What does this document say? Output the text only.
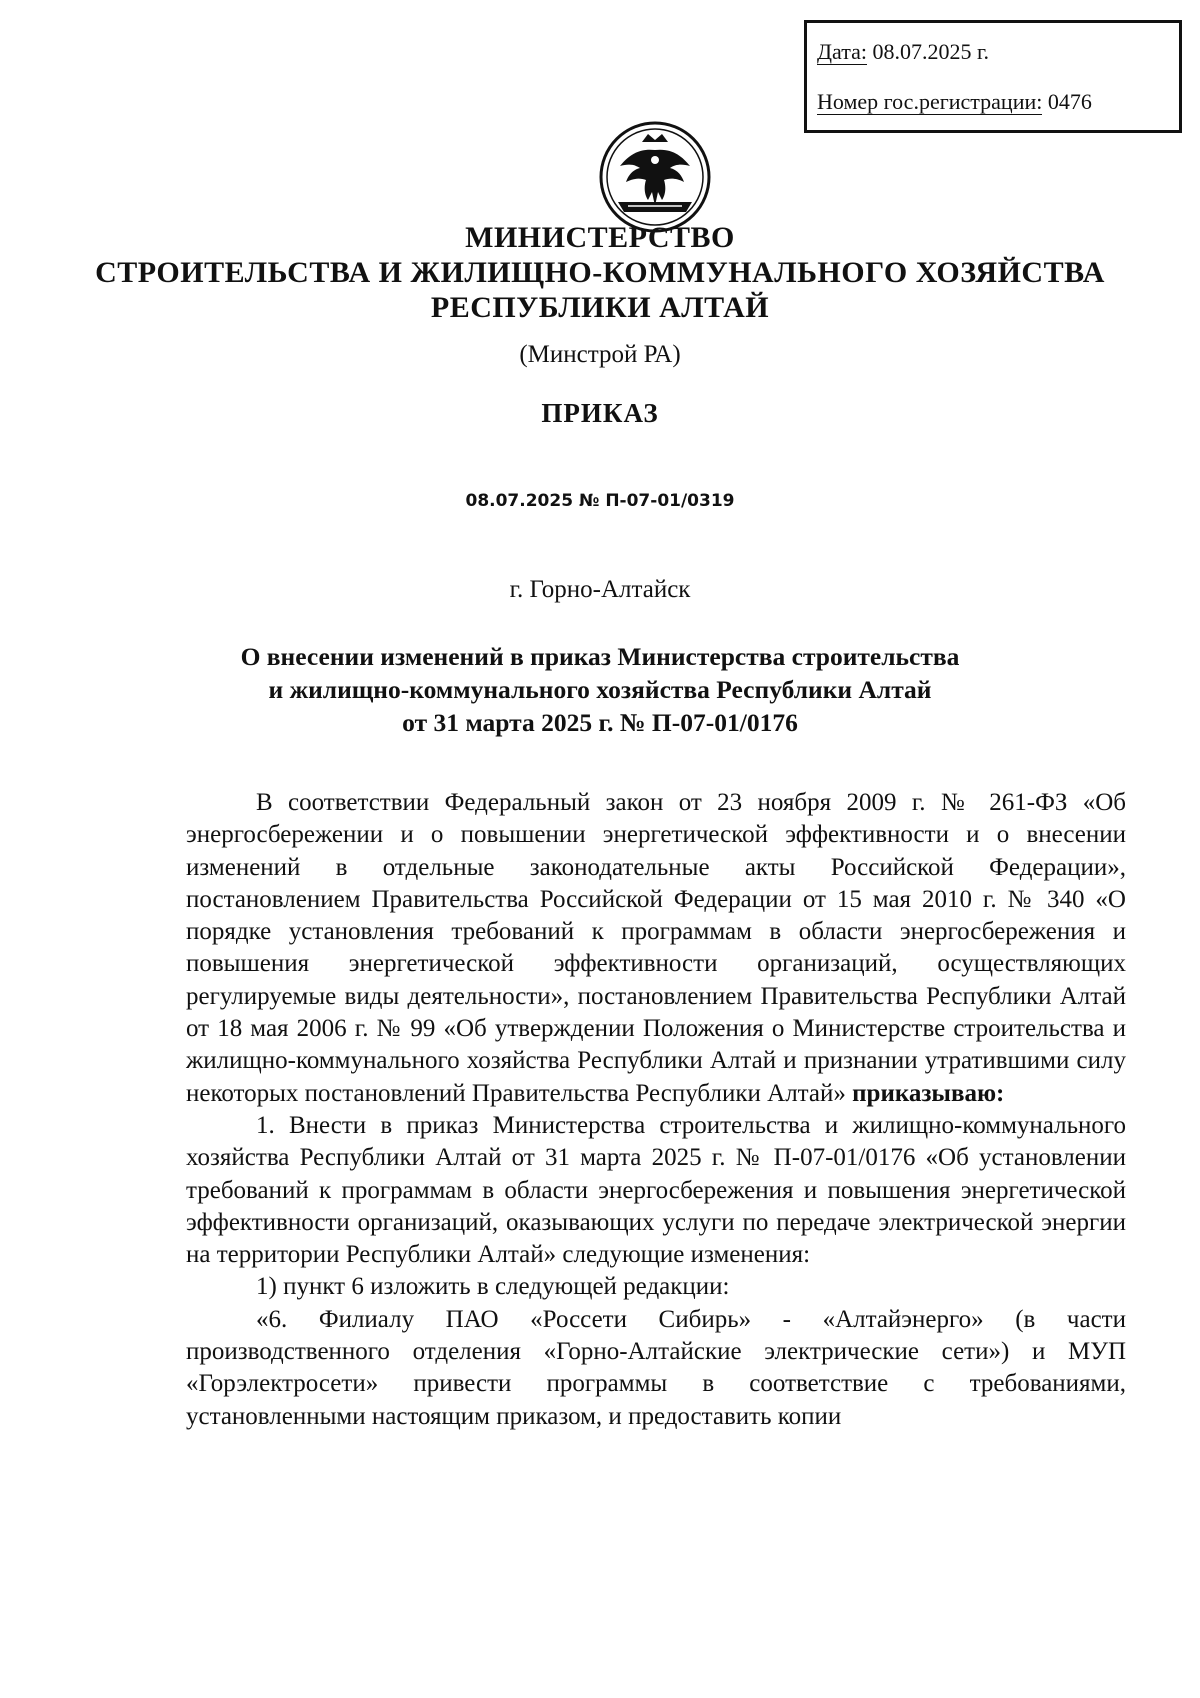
Дата: 08.07.2025 г.
Номер гос.регистрации: 0476
МИНИСТЕРСТВО
СТРОИТЕЛЬСТВА И ЖИЛИЩНО-КОММУНАЛЬНОГО ХОЗЯЙСТВА
РЕСПУБЛИКИ АЛТАЙ
(Минстрой РА)
ПРИКАЗ
08.07.2025 № П-07-01/0319
г. Горно-Алтайск
О внесении изменений в приказ Министерства строительства
и жилищно-коммунального хозяйства Республики Алтай
от 31 марта 2025 г. № П-07-01/0176

В соответствии Федеральный закон от 23 ноября 2009 г. № 261-ФЗ «Об энергосбережении и о повышении энергетической эффективности и о внесении изменений в отдельные законодательные акты Российской Федерации», постановлением Правительства Российской Федерации от 15 мая 2010 г. № 340 «О порядке установления требований к программам в области энергосбережения и повышения энергетической эффективности организаций, осуществляющих регулируемые виды деятельности», постановлением Правительства Республики Алтай от 18 мая 2006 г. № 99 «Об утверждении Положения о Министерстве строительства и жилищно-коммунального хозяйства Республики Алтай и признании утратившими силу некоторых постановлений Правительства Республики Алтай» приказываю:

1. Внести в приказ Министерства строительства и жилищно-коммунального хозяйства Республики Алтай от 31 марта 2025 г. № П-07-01/0176 «Об установлении требований к программам в области энергосбережения и повышения энергетической эффективности организаций, оказывающих услуги по передаче электрической энергии на территории Республики Алтай» следующие изменения:

1) пункт 6 изложить в следующей редакции:

«6. Филиалу ПАО «Россети Сибирь» - «Алтайэнерго» (в части производственного отделения «Горно-Алтайские электрические сети») и МУП «Горэлектросети» привести программы в соответствие с требованиями, установленными настоящим приказом, и предоставить копии
